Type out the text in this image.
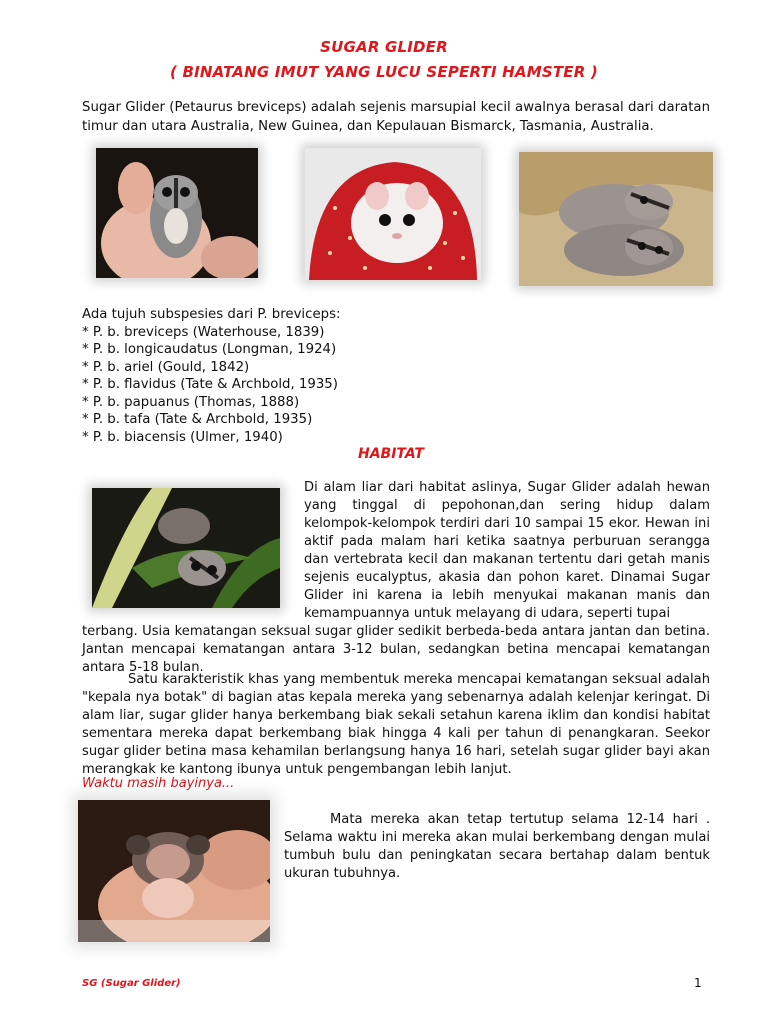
SUGAR GLIDER
( BINATANG IMUT YANG LUCU SEPERTI HAMSTER )
Sugar Glider (Petaurus breviceps) adalah sejenis marsupial kecil awalnya berasal dari daratan timur dan utara Australia, New Guinea, dan Kepulauan Bismarck, Tasmania, Australia.
Ada tujuh subspesies dari P. breviceps:
* P. b. breviceps (Waterhouse, 1839)
* P. b. longicaudatus (Longman, 1924)
* P. b. ariel (Gould, 1842)
* P. b. flavidus (Tate & Archbold, 1935)
* P. b. papuanus (Thomas, 1888)
* P. b. tafa (Tate & Archbold, 1935)
* P. b. biacensis (Ulmer, 1940)
HABITAT
Di alam liar dari habitat aslinya, Sugar Glider adalah hewan yang tinggal di pepohonan,dan sering hidup dalam kelompok-kelompok terdiri dari 10 sampai 15 ekor. Hewan ini aktif pada malam hari ketika saatnya perburuan serangga dan vertebrata kecil dan makanan tertentu dari getah manis sejenis eucalyptus, akasia dan pohon karet. Dinamai Sugar Glider ini karena ia lebih menyukai makanan manis dan kemampuannya untuk melayang di udara, seperti tupai
terbang. Usia kematangan seksual sugar glider sedikit berbeda-beda antara jantan dan betina. Jantan mencapai kematangan antara 3-12 bulan, sedangkan betina mencapai kematangan antara 5-18 bulan.
Satu karakteristik khas yang membentuk mereka mencapai kematangan seksual adalah "kepala nya botak" di bagian atas kepala mereka yang sebenarnya adalah kelenjar keringat. Di alam liar, sugar glider hanya berkembang biak sekali setahun karena iklim dan kondisi habitat sementara mereka dapat berkembang biak hingga 4 kali per tahun di penangkaran. Seekor sugar glider betina masa kehamilan berlangsung hanya 16 hari, setelah sugar glider bayi akan merangkak ke kantong ibunya untuk pengembangan lebih lanjut.
Waktu masih bayinya...
Mata mereka akan tetap tertutup selama 12-14 hari . Selama waktu ini mereka akan mulai berkembang dengan mulai tumbuh bulu dan peningkatan secara bertahap dalam bentuk ukuran tubuhnya.
SG (Sugar Glider)	1
